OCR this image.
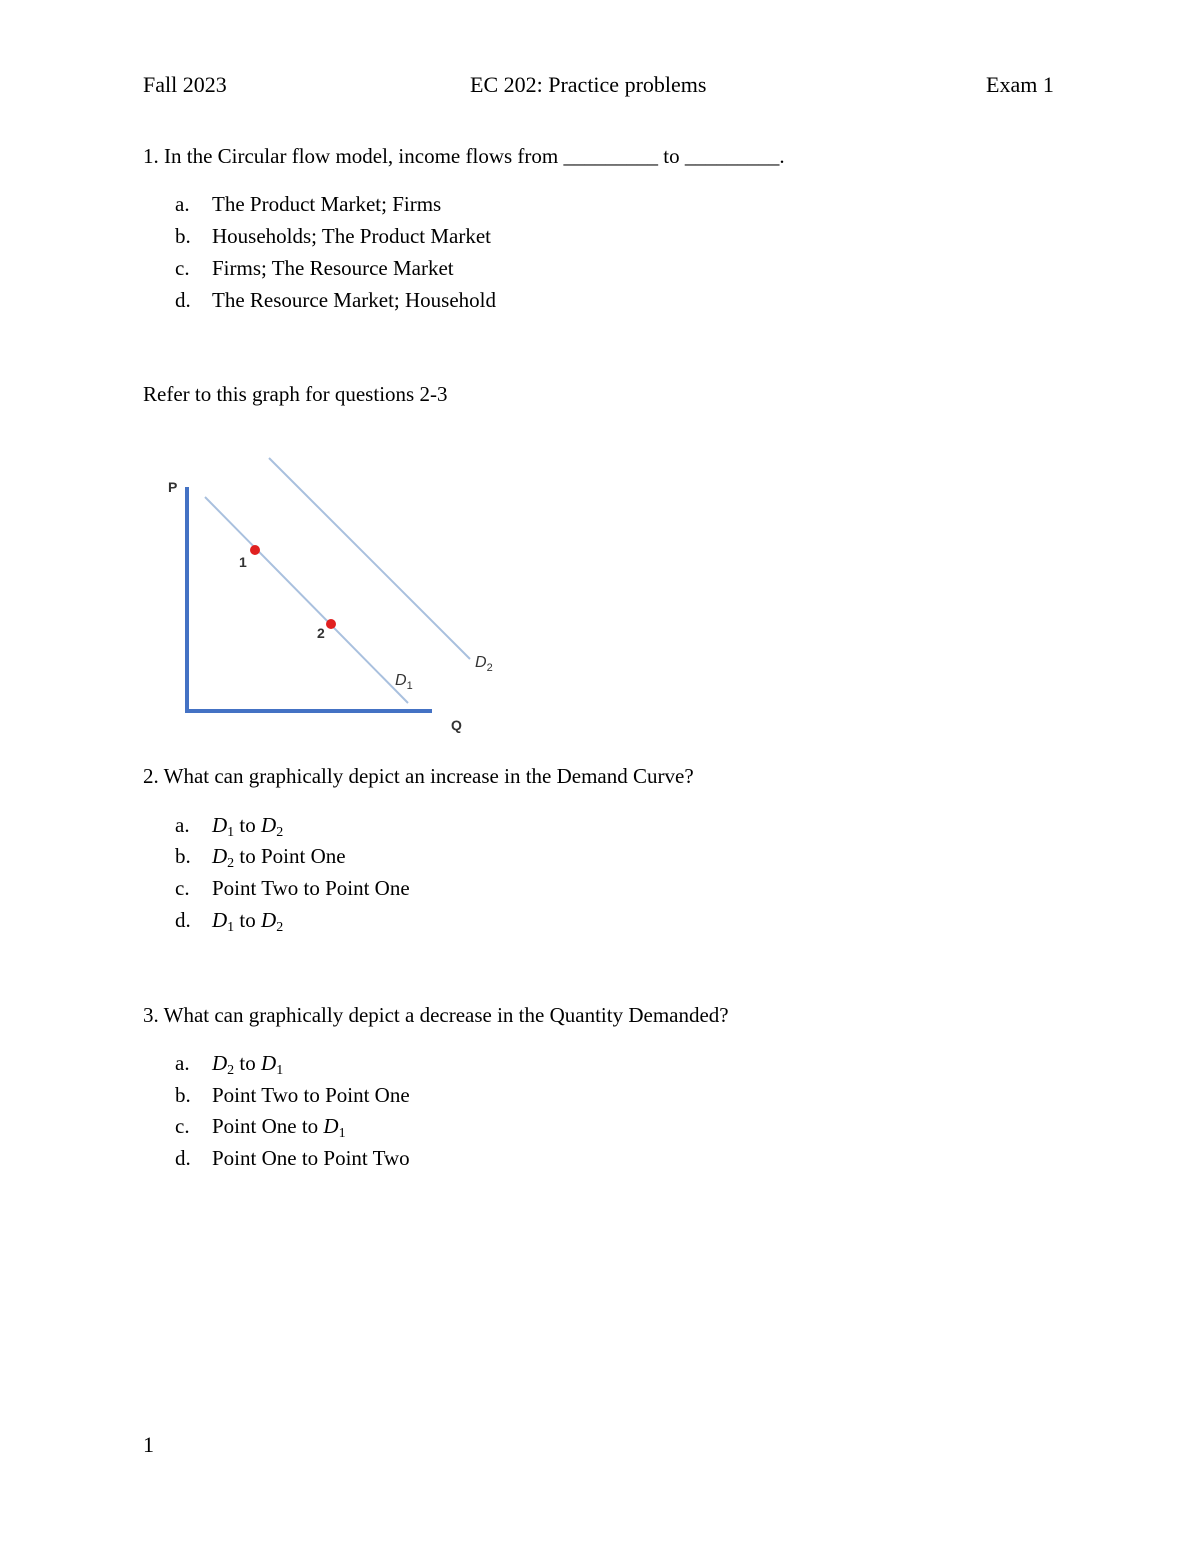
Fall 2023	EC 202: Practice problems	Exam 1
1. In the Circular flow model, income flows from _________ to _________.
a. The Product Market; Firms
b. Households; The Product Market
c. Firms; The Resource Market
d. The Resource Market; Household
Refer to this graph for questions 2-3
P
Q
1
2
$D_1$
$D_2$
2. What can graphically depict an increase in the Demand Curve?
a. $D_1$ to $D_2$
b. $D_2$ to Point One
c. Point Two to Point One
d. $D_1$ to $D_2$
3. What can graphically depict a decrease in the Quantity Demanded?
a. $D_2$ to $D_1$
b. Point Two to Point One
c. Point One to $D_1$
d. Point One to Point Two
1
